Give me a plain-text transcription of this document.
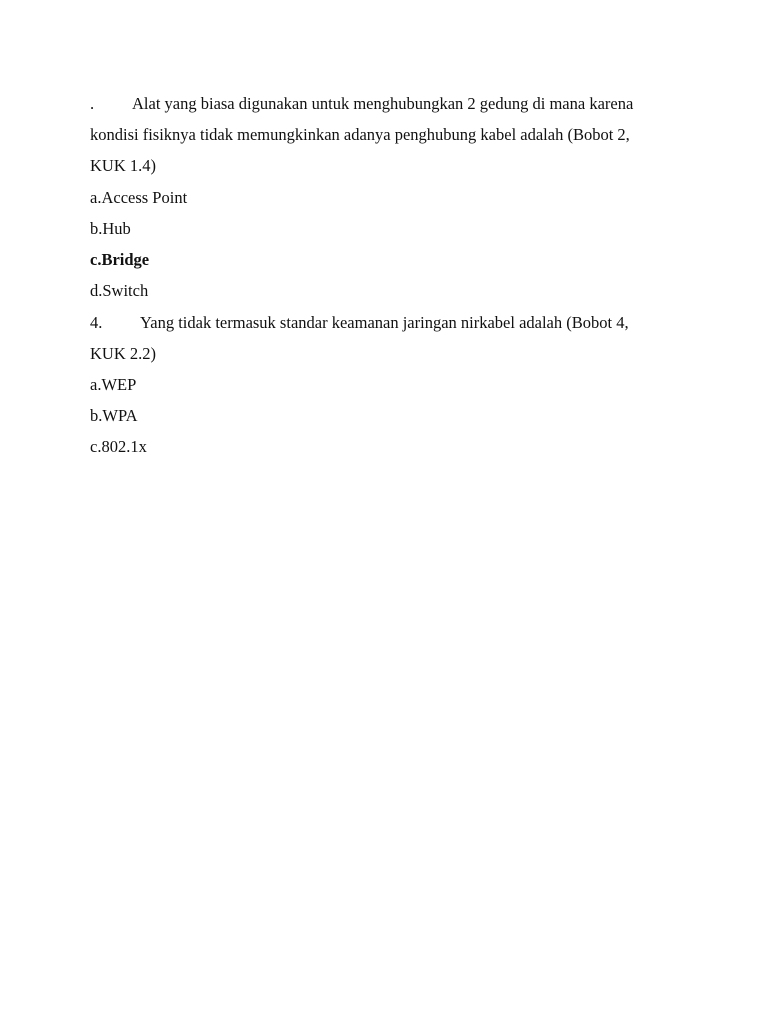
. Alat yang biasa digunakan untuk menghubungkan 2 gedung di mana karena
kondisi fisiknya tidak memungkinkan adanya penghubung kabel adalah (Bobot 2,
KUK 1.4)
a.Access Point
b.Hub
c.Bridge
d.Switch
4. Yang tidak termasuk standar keamanan jaringan nirkabel adalah (Bobot 4,
KUK 2.2)
a.WEP
b.WPA
c.802.1x
